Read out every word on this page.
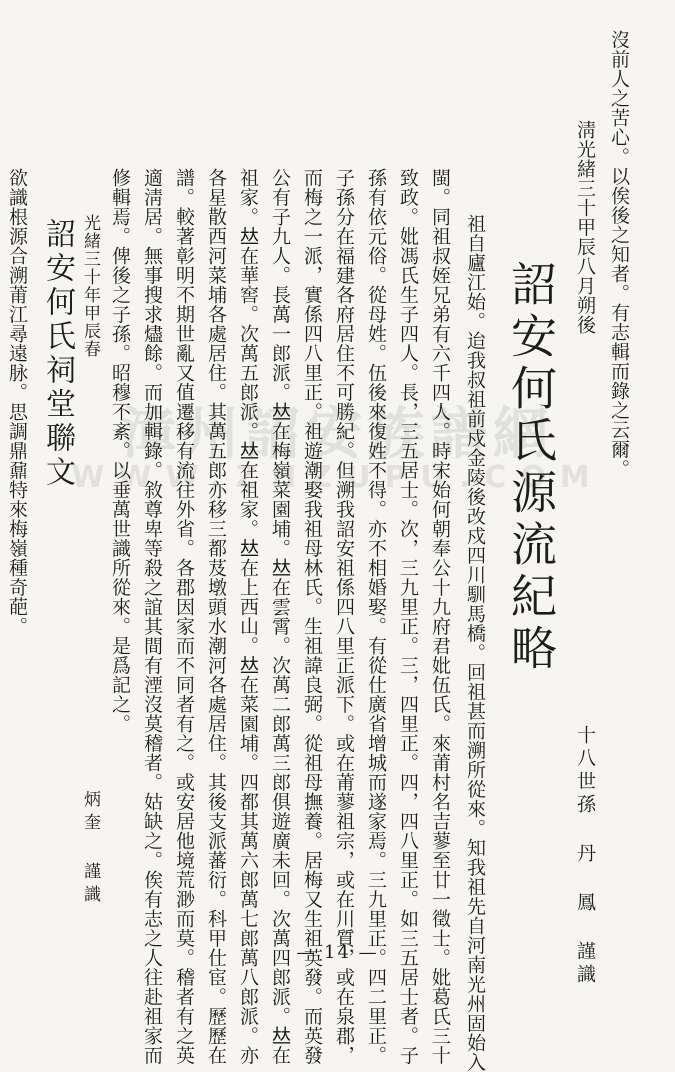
漳州詔安族譜網
WWW.ZHZUPU.COM 沒前人之苦心。以俟後之知者。有志輯而錄之云爾。
淸光緒三十甲辰八月朔後
十八世孫 丹 鳳 謹識
詔安何氏源流紀略
祖自廬江始。迨我叔祖前戍金陵後改戍四川馴馬橋。回祖甚而溯所從來。知我祖先自河南光州固始入
閩。同祖叔姪兄弟有六千四人。時宋始何朝奉公十九府君妣伍氏。來莆村名吉蓼至廿一徵士。妣葛氏三十
致政。妣馮氏生子四人。長，三五居士。次，三九里正。三，四里正。四，四八里正。如三五居士者。子
孫有依元俗。從母姓。伍後來復姓不得。亦不相婚娶。有從仕廣省增城而遂家焉。三九里正。四二里正。
子孫分在福建各府居住不可勝紀。但溯我詔安祖係四八里正派下。或在莆蓼祖宗，或在川質，或在泉郡，
而梅之一派，實係四八里正。祖遊潮娶我祖母林氏。生祖諱良弼。從祖母撫養。居梅又生祖英發。而英發
公有子九人。長萬一郎派。𠀤在梅嶺菜園埔。𠀤在雲霄。次萬二郎萬三郎俱遊廣未回。次萬四郎派。𠀤在
祖家。𠀤在華窖。次萬五郎派。𠀤在祖家。𠀤在上西山。𠀤在菜園埔。四都其萬六郎萬七郎萬八郎派。亦
各星散西河菜埔各處居住。其萬五郎亦移三都芨墩頭水潮河各處居住。其後支派蕃衍。科甲仕宦。歷歷在
譜。較著彰明不期世亂又值遷移有流往外省。各郡因家而不同者有之。或安居他境荒渺而莫。稽者有之英
適淸居。無事搜求燼餘。而加輯錄。敘尊卑等殺之誼其間有湮沒莫稽者。姑缺之。俟有志之人往赴祖家而
修輯焉。俾後之子孫。昭穆不紊。以垂萬世識所從來。是爲記之。
光緒三十年甲辰春
炳奎 謹識
詔安何氏祠堂聯文
欲識根源合溯莆江尋遠脉。思調鼎鼐特來梅嶺種奇葩。
— 14 —
